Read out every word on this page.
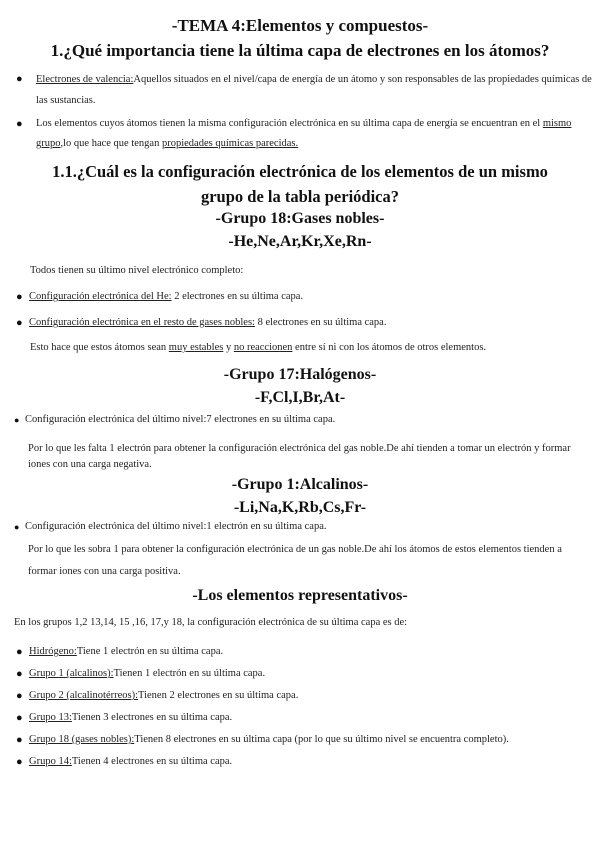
-TEMA 4:Elementos y compuestos-
1.¿Qué importancia tiene la última capa de electrones en los átomos?
● Electrones de valencia:Aquellos situados en el nivel/capa de energía de un átomo y son responsables de las propiedades químicas de
las sustancias.
● Los elementos cuyos átomos tienen la misma configuración electrónica en su última capa de energía se encuentran en el mismo
grupo,lo que hace que tengan propiedades químicas parecidas.
1.1.¿Cuál es la configuración electrónica de los elementos de un mismo
grupo de la tabla periódica?
-Grupo 18:Gases nobles-
-He,Ne,Ar,Kr,Xe,Rn-
Todos tienen su último nivel electrónico completo:
● Configuración electrónica del He: 2 electrones en su última capa.
● Configuración electrónica en el resto de gases nobles: 8 electrones en su última capa.
Esto hace que estos átomos sean muy estables y no reaccionen entre sí ni con los átomos de otros elementos.
-Grupo 17:Halógenos-
-F,Cl,I,Br,At-
● Configuración electrónica del último nivel:7 electrones en su última capa.
Por lo que les falta 1 electrón para obtener la configuración electrónica del gas noble.De ahí tienden a tomar un electrón y formar
iones con una carga negativa.
-Grupo 1:Alcalinos-
-Li,Na,K,Rb,Cs,Fr-
● Configuración electrónica del último nivel:1 electrón en su última capa.
Por lo que les sobra 1 para obtener la configuración electrónica de un gas noble.De ahí los átomos de estos elementos tienden a
formar iones con una carga positiva.
-Los elementos representativos-
En los grupos 1,2 13,14, 15 ,16, 17,y 18, la configuración electrónica de su última capa es de:
● Hidrógeno:Tiene 1 electrón en su última capa.
● Grupo 1 (alcalinos):Tienen 1 electrón en su última capa.
● Grupo 2 (alcalinotérreos):Tienen 2 electrones en su última capa.
● Grupo 13:Tienen 3 electrones en su última capa.
● Grupo 18 (gases nobles):Tienen 8 electrones en su última capa (por lo que su último nivel se encuentra completo).
● Grupo 14:Tienen 4 electrones en su última capa.
